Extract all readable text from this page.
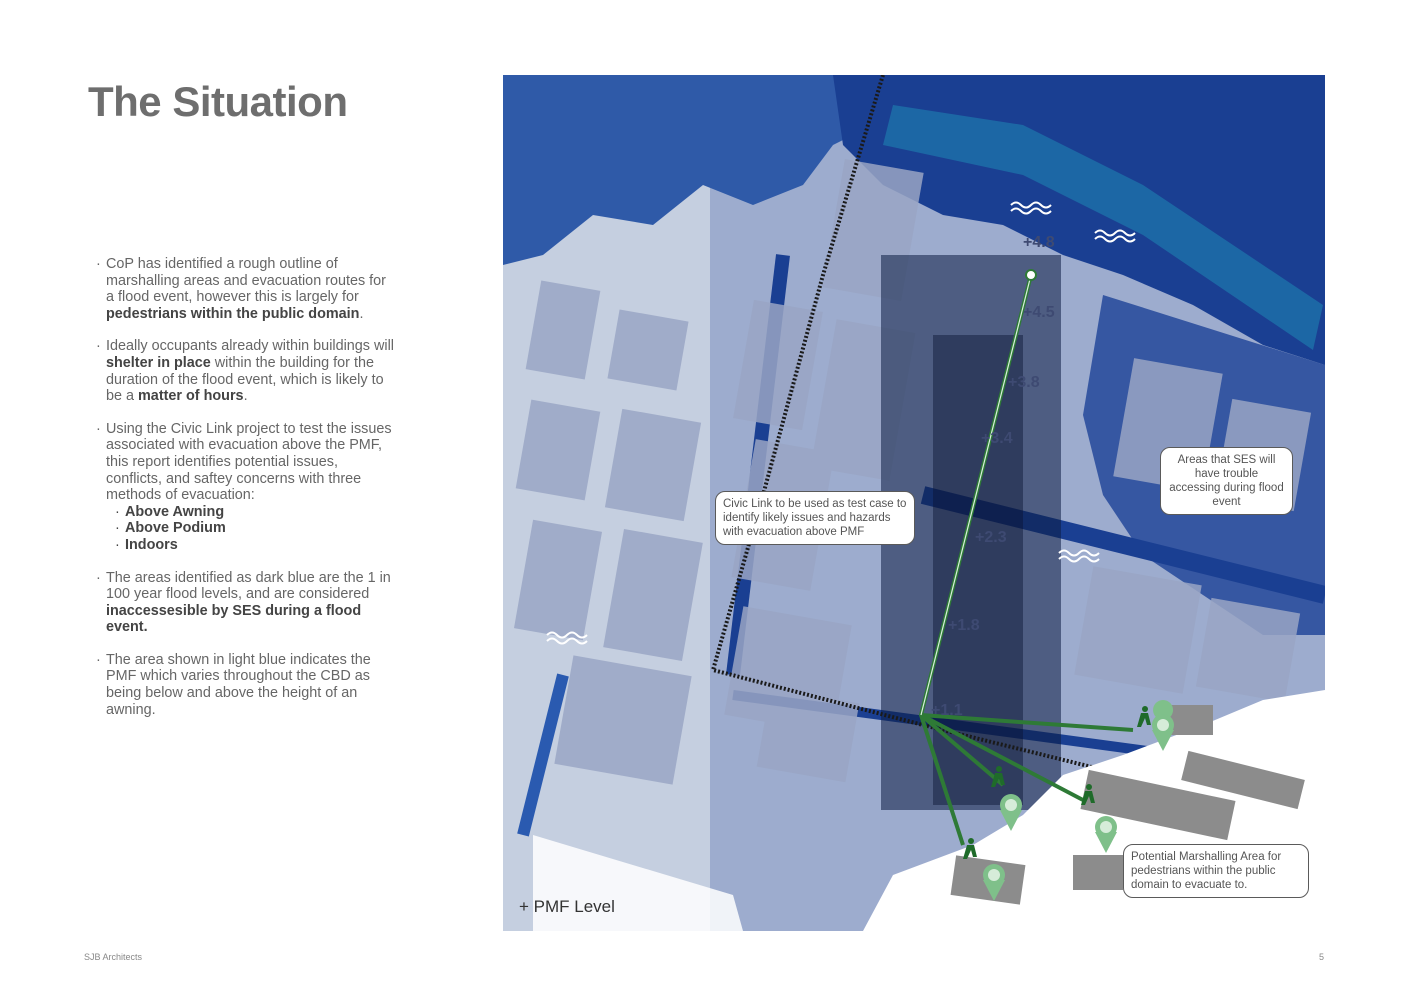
The Situation
· CoP has identified a rough outline of marshalling areas and evacuation routes for a flood event, however this is largely for pedestrians within the public domain.
· Ideally occupants already within buildings will shelter in place within the building for the duration of the flood event, which is likely to be a matter of hours.
· Using the Civic Link project to test the issues associated with evacuation above the PMF, this report identifies potential issues, conflicts, and saftey concerns with three methods of evacuation:
· Above Awning
· Above Podium
· Indoors
· The areas identified as dark blue are the 1 in 100 year flood levels, and are considered inaccessesible by SES during a flood event.
· The area shown in light blue indicates the PMF which varies throughout the CBD as being below and above the height of an awning.
+4.8
+4.5
+3.8
+3.4
+2.3
+1.8
+1.1
Civic Link to be used as test case to identify likely issues and hazards with evacuation above PMF
Areas that SES will have trouble accessing during flood event
Potential Marshalling Area for pedestrians within the public domain to evacuate to.
+ PMF Level
SJB Architects	5
